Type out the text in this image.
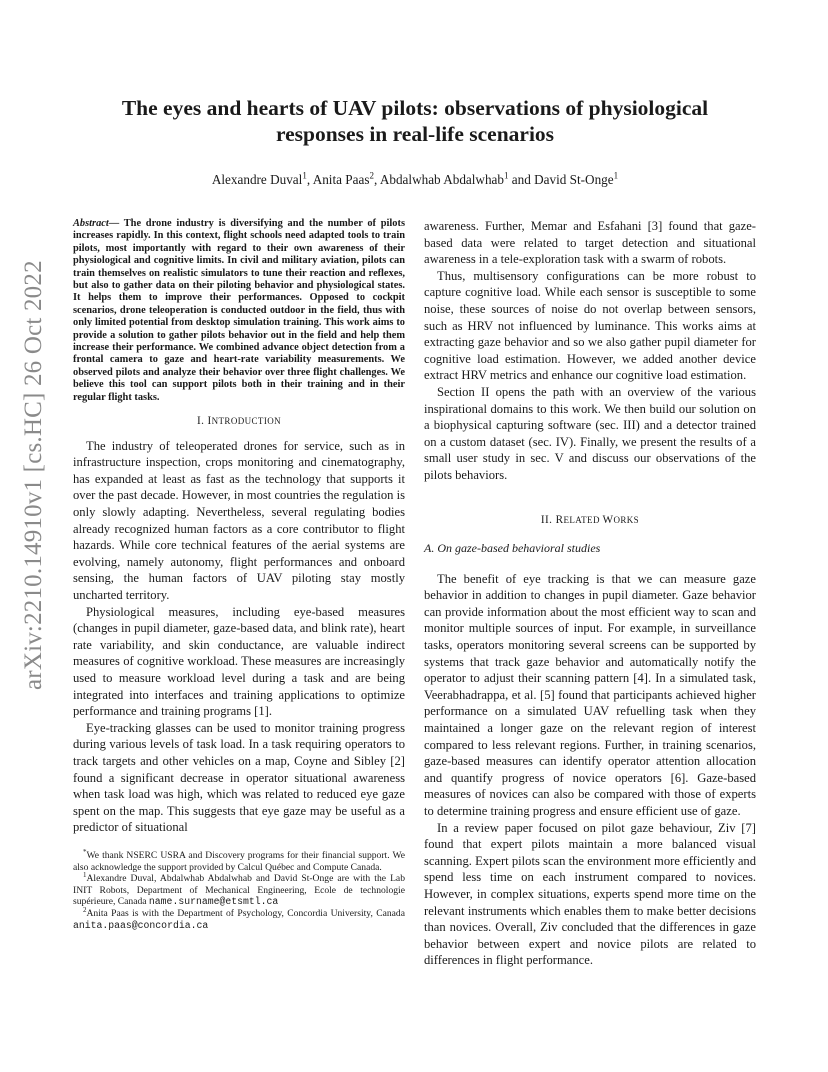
arXiv:2210.14910v1 [cs.HC] 26 Oct 2022
The eyes and hearts of UAV pilots: observations of physiological responses in real-life scenarios
Alexandre Duval$^1$, Anita Paas$^2$, Abdalwhab Abdalwhab$^1$ and David St-Onge$^1$

Abstract— The drone industry is diversifying and the number of pilots increases rapidly. In this context, flight schools need adapted tools to train pilots, most importantly with regard to their own awareness of their physiological and cognitive limits. In civil and military aviation, pilots can train themselves on realistic simulators to tune their reaction and reflexes, but also to gather data on their piloting behavior and physiological states. It helps them to improve their performances. Opposed to cockpit scenarios, drone teleoperation is conducted outdoor in the field, thus with only limited potential from desktop simulation training. This work aims to provide a solution to gather pilots behavior out in the field and help them increase their performance. We combined advance object detection from a frontal camera to gaze and heart-rate variability measurements. We observed pilots and analyze their behavior over three flight challenges. We believe this tool can support pilots both in their training and in their regular flight tasks.

I. INTRODUCTION

The industry of teleoperated drones for service, such as in infrastructure inspection, crops monitoring and cinematography, has expanded at least as fast as the technology that supports it over the past decade. However, in most countries the regulation is only slowly adapting. Nevertheless, several regulating bodies already recognized human factors as a core contributor to flight hazards. While core technical features of the aerial systems are evolving, namely autonomy, flight performances and onboard sensing, the human factors of UAV piloting stay mostly uncharted territory.

Physiological measures, including eye-based measures (changes in pupil diameter, gaze-based data, and blink rate), heart rate variability, and skin conductance, are valuable indirect measures of cognitive workload. These measures are increasingly used to measure workload level during a task and are being integrated into interfaces and training applications to optimize performance and training programs [1].

Eye-tracking glasses can be used to monitor training progress during various levels of task load. In a task requiring operators to track targets and other vehicles on a map, Coyne and Sibley [2] found a significant decrease in operator situational awareness when task load was high, which was related to reduced eye gaze spent on the map. This suggests that eye gaze may be useful as a predictor of situational

*We thank NSERC USRA and Discovery programs for their financial support. We also acknowledge the support provided by Calcul Québec and Compute Canada.

$^1$Alexandre Duval, Abdalwhab Abdalwhab and David St-Onge are with the Lab INIT Robots, Department of Mechanical Engineering, Ecole de technologie supérieure, Canada name.surname@etsmtl.ca

$^2$Anita Paas is with the Department of Psychology, Concordia University, Canada anita.paas@concordia.ca

awareness. Further, Memar and Esfahani [3] found that gaze-based data were related to target detection and situational awareness in a tele-exploration task with a swarm of robots.

Thus, multisensory configurations can be more robust to capture cognitive load. While each sensor is susceptible to some noise, these sources of noise do not overlap between sensors, such as HRV not influenced by luminance. This works aims at extracting gaze behavior and so we also gather pupil diameter for cognitive load estimation. However, we added another device extract HRV metrics and enhance our cognitive load estimation.

Section II opens the path with an overview of the various inspirational domains to this work. We then build our solution on a biophysical capturing software (sec. III) and a detector trained on a custom dataset (sec. IV). Finally, we present the results of a small user study in sec. V and discuss our observations of the pilots behaviors.

II. RELATED WORKS
A. On gaze-based behavioral studies

The benefit of eye tracking is that we can measure gaze behavior in addition to changes in pupil diameter. Gaze behavior can provide information about the most efficient way to scan and monitor multiple sources of input. For example, in surveillance tasks, operators monitoring several screens can be supported by systems that track gaze behavior and automatically notify the operator to adjust their scanning pattern [4]. In a simulated task, Veerabhadrappa, et al. [5] found that participants achieved higher performance on a simulated UAV refuelling task when they maintained a longer gaze on the relevant region of interest compared to less relevant regions. Further, in training scenarios, gaze-based measures can identify operator attention allocation and quantify progress of novice operators [6]. Gaze-based measures of novices can also be compared with those of experts to determine training progress and ensure efficient use of gaze.

In a review paper focused on pilot gaze behaviour, Ziv [7] found that expert pilots maintain a more balanced visual scanning. Expert pilots scan the environment more efficiently and spend less time on each instrument compared to novices. However, in complex situations, experts spend more time on the relevant instruments which enables them to make better decisions than novices. Overall, Ziv concluded that the differences in gaze behavior between expert and novice pilots are related to differences in flight performance.
